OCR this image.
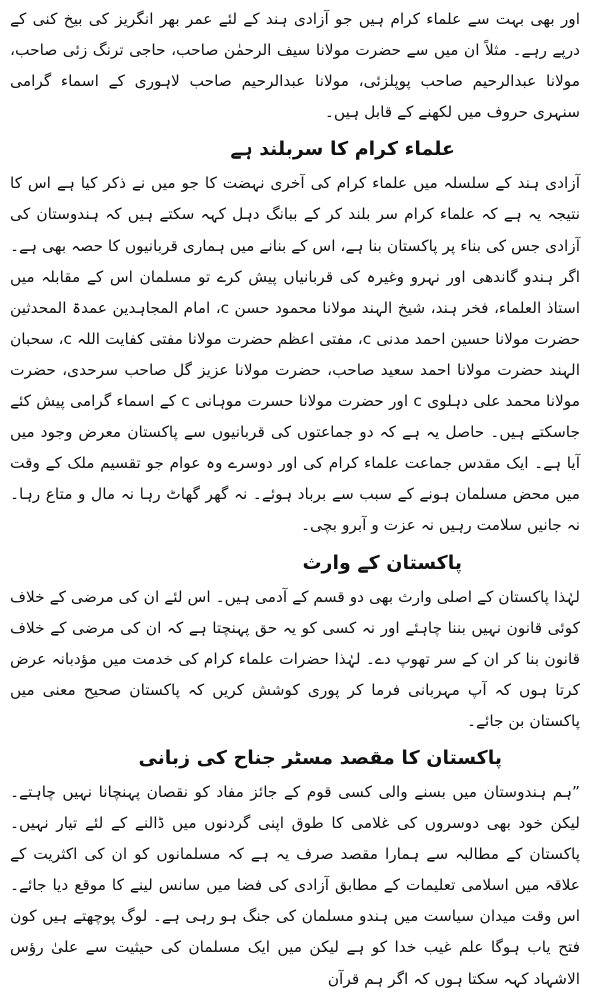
اور بھی بہت سے علماء کرام ہیں جو آزادی ہند کے لئے عمر بھر انگریز کی بیخ کنی کے درپے رہے۔ مثلاً ان میں سے حضرت مولانا سیف الرحمٰن صاحب، حاجی ترنگ زئی صاحب، مولانا عبدالرحیم صاحب پوپلزئی، مولانا عبدالرحیم صاحب لاہوری کے اسماء گرامی سنہری حروف میں لکھنے کے قابل ہیں۔

علماء کرام کا سربلند ہے

آزادی ہند کے سلسلہ میں علماء کرام کی آخری نہضت کا جو میں نے ذکر کیا ہے اس کا نتیجہ یہ ہے کہ علماء کرام سر بلند کر کے ببانگ دہل کہہ سکتے ہیں کہ ہندوستان کی آزادی جس کی بناء پر پاکستان بنا ہے، اس کے بنانے میں ہماری قربانیوں کا حصہ بھی ہے۔ اگر ہندو گاندھی اور نہرو وغیرہ کی قربانیاں پیش کرے تو مسلمان اس کے مقابلہ میں استاذ العلماء، فخر ہند، شیخ الہند مولانا محمود حسن c، امام المجاہدین عمدۃ المحدثین حضرت مولانا حسین احمد مدنی c، مفتی اعظم حضرت مولانا مفتی کفایت اللہ c، سحبان الہند حضرت مولانا احمد سعید صاحب، حضرت مولانا عزیز گل صاحب سرحدی، حضرت مولانا محمد علی دہلوی c اور حضرت مولانا حسرت موہانی c کے اسماء گرامی پیش کئے جاسکتے ہیں۔ حاصل یہ ہے کہ دو جماعتوں کی قربانیوں سے پاکستان معرض وجود میں آیا ہے۔ ایک مقدس جماعت علماء کرام کی اور دوسرے وہ عوام جو تقسیم ملک کے وقت میں محض مسلمان ہونے کے سبب سے برباد ہوئے۔ نہ گھر گھاٹ رہا نہ مال و متاع رہا۔ نہ جانیں سلامت رہیں نہ عزت و آبرو بچی۔

پاکستان کے وارث

لہٰذا پاکستان کے اصلی وارث بھی دو قسم کے آدمی ہیں۔ اس لئے ان کی مرضی کے خلاف کوئی قانون نہیں بننا چاہئے اور نہ کسی کو یہ حق پہنچتا ہے کہ ان کی مرضی کے خلاف قانون بنا کر ان کے سر تھوپ دے۔ لہٰذا حضرات علماء کرام کی خدمت میں مؤدبانہ عرض کرتا ہوں کہ آپ مہربانی فرما کر پوری کوشش کریں کہ پاکستان صحیح معنی میں پاکستان بن جائے۔

پاکستان کا مقصد مسٹر جناح کی زبانی

”ہم ہندوستان میں بسنے والی کسی قوم کے جائز مفاد کو نقصان پہنچانا نہیں چاہتے۔ لیکن خود بھی دوسروں کی غلامی کا طوق اپنی گردنوں میں ڈالنے کے لئے تیار نہیں۔ پاکستان کے مطالبہ سے ہمارا مقصد صرف یہ ہے کہ مسلمانوں کو ان کی اکثریت کے علاقہ میں اسلامی تعلیمات کے مطابق آزادی کی فضا میں سانس لینے کا موقع دیا جائے۔ اس وقت میدان سیاست میں ہندو مسلمان کی جنگ ہو رہی ہے۔ لوگ پوچھتے ہیں کون فتح یاب ہوگا علم غیب خدا کو ہے لیکن میں ایک مسلمان کی حیثیت سے علیٰ رؤس الاشہاد کہہ سکتا ہوں کہ اگر ہم قرآن
